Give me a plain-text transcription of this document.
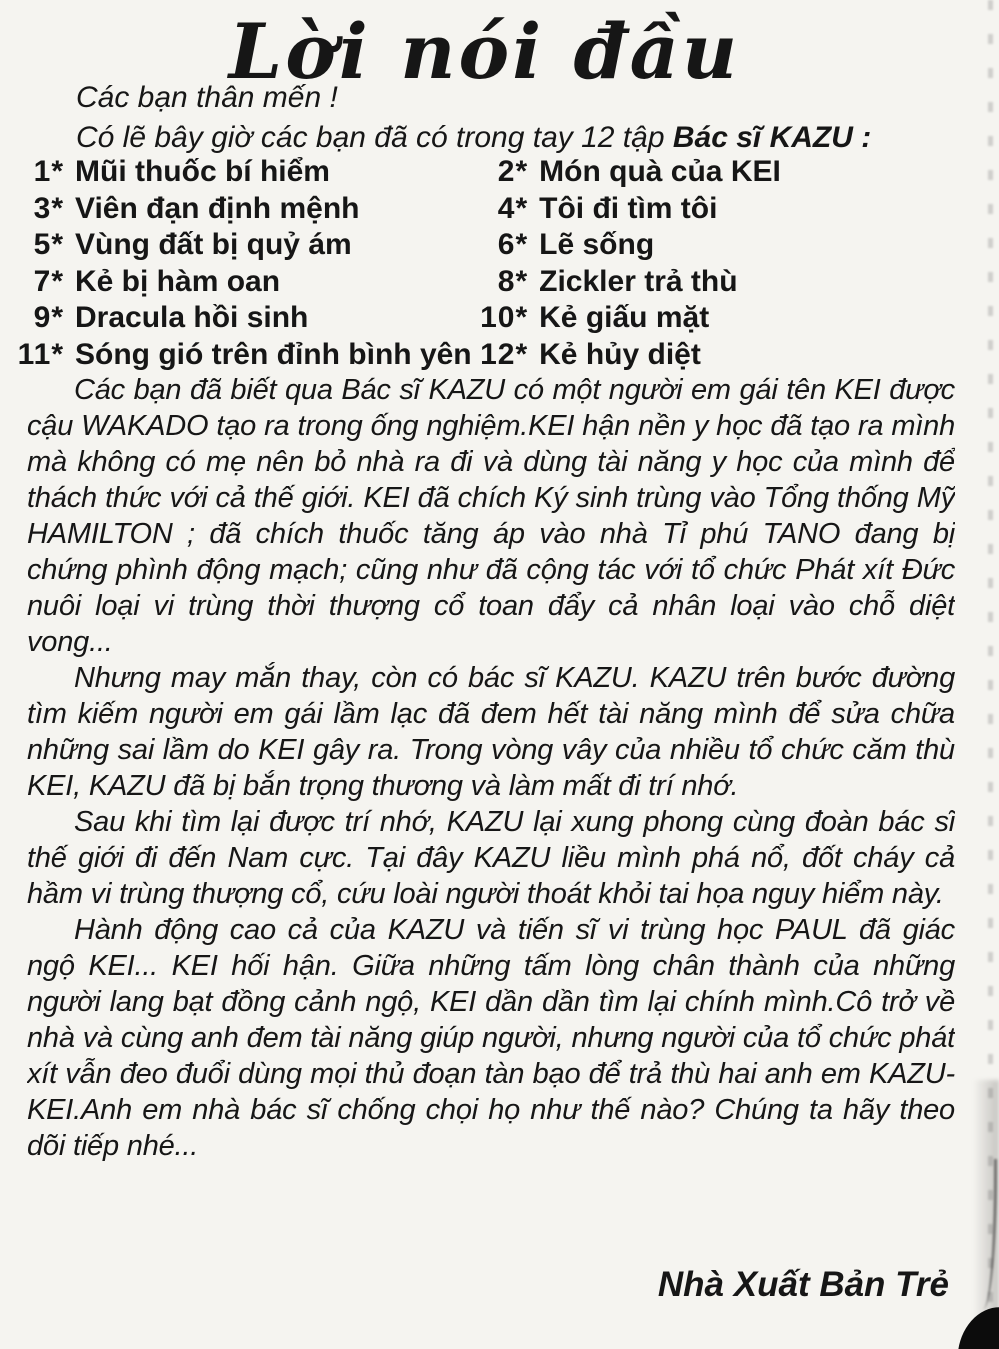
Lời nói đầu

Các bạn thân mến !

Có lẽ bây giờ các bạn đã có trong tay 12 tập Bác sĩ KAZU :

1* Mũi thuốc bí hiểm	2* Món quà của KEI
3* Viên đạn định mệnh	4* Tôi đi tìm tôi
5* Vùng đất bị quỷ ám	6* Lẽ sống
7* Kẻ bị hàm oan	8* Zickler trả thù
9* Dracula hồi sinh	10* Kẻ giấu mặt
11* Sóng gió trên đỉnh bình yên 12* Kẻ hủy diệt

Các bạn đã biết qua Bác sĩ KAZU có một người em gái tên KEI được cậu WAKADO tạo ra trong ống nghiệm.KEI hận nền y học đã tạo ra mình mà không có mẹ nên bỏ nhà ra đi và dùng tài năng y học của mình để thách thức với cả thế giới. KEI đã chích Ký sinh trùng vào Tổng thống Mỹ HAMILTON ; đã chích thuốc tăng áp vào nhà Tỉ phú TANO đang bị chứng phình động mạch; cũng như đã cộng tác với tổ chức Phát xít Đức nuôi loại vi trùng thời thượng cổ toan đẩy cả nhân loại vào chỗ diệt vong...

Nhưng may mắn thay, còn có bác sĩ KAZU. KAZU trên bước đường tìm kiếm người em gái lầm lạc đã đem hết tài năng mình để sửa chữa những sai lầm do KEI gây ra. Trong vòng vây của nhiều tổ chức căm thù KEI, KAZU đã bị bắn trọng thương và làm mất đi trí nhớ.

Sau khi tìm lại được trí nhớ, KAZU lại xung phong cùng đoàn bác sĩ thế giới đi đến Nam cực. Tại đây KAZU liều mình phá nổ, đốt cháy cả hầm vi trùng thượng cổ, cứu loài người thoát khỏi tai họa nguy hiểm này.

Hành động cao cả của KAZU và tiến sĩ vi trùng học PAUL đã giác ngộ KEI... KEI hối hận. Giữa những tấm lòng chân thành của những người lang bạt đồng cảnh ngộ, KEI dần dần tìm lại chính mình.Cô trở về nhà và cùng anh đem tài năng giúp người, nhưng người của tổ chức phát xít vẫn đeo đuổi dùng mọi thủ đoạn tàn bạo để trả thù hai anh em KAZU-KEI.Anh em nhà bác sĩ chống chọi họ như thế nào? Chúng ta hãy theo dõi tiếp nhé...

Nhà Xuất Bản Trẻ
